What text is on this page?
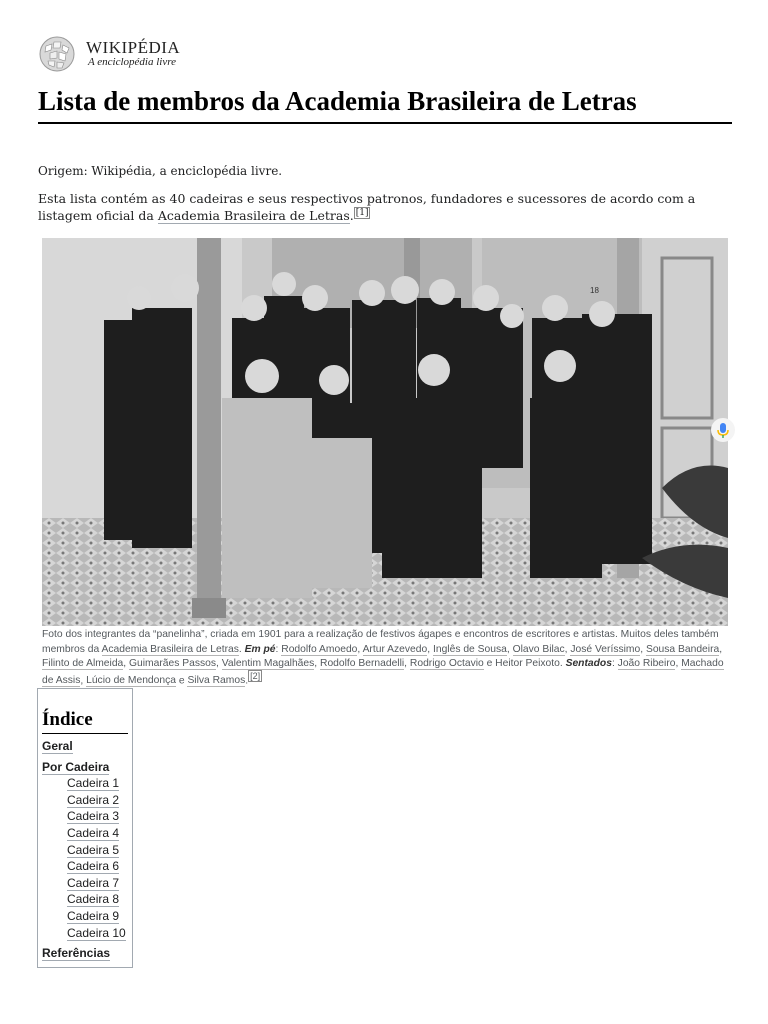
WIKIPÉDIA
A enciclopédia livre
Lista de membros da Academia Brasileira de Letras
Origem: Wikipédia, a enciclopédia livre.
Esta lista contém as 40 cadeiras e seus respectivos patronos, fundadores e sucessores de acordo com a listagem oficial da Academia Brasileira de Letras. [1]
18
Foto dos integrantes da “panelinha”, criada em 1901 para a realização de festivos ágapes e encontros de escritores e artistas. Muitos deles também membros da Academia Brasileira de Letras. Em pé: Rodolfo Amoedo, Artur Azevedo, Inglês de Sousa, Olavo Bilac, José Veríssimo, Sousa Bandeira, Filinto de Almeida, Guimarães Passos, Valentim Magalhães, Rodolfo Bernadelli, Rodrigo Octavio e Heitor Peixoto. Sentados: João Ribeiro, Machado de Assis, Lúcio de Mendonça e Silva Ramos. [2]
Índice
Geral
Por Cadeira
Cadeira 1
Cadeira 2
Cadeira 3
Cadeira 4
Cadeira 5
Cadeira 6
Cadeira 7
Cadeira 8
Cadeira 9
Cadeira 10
Referências
